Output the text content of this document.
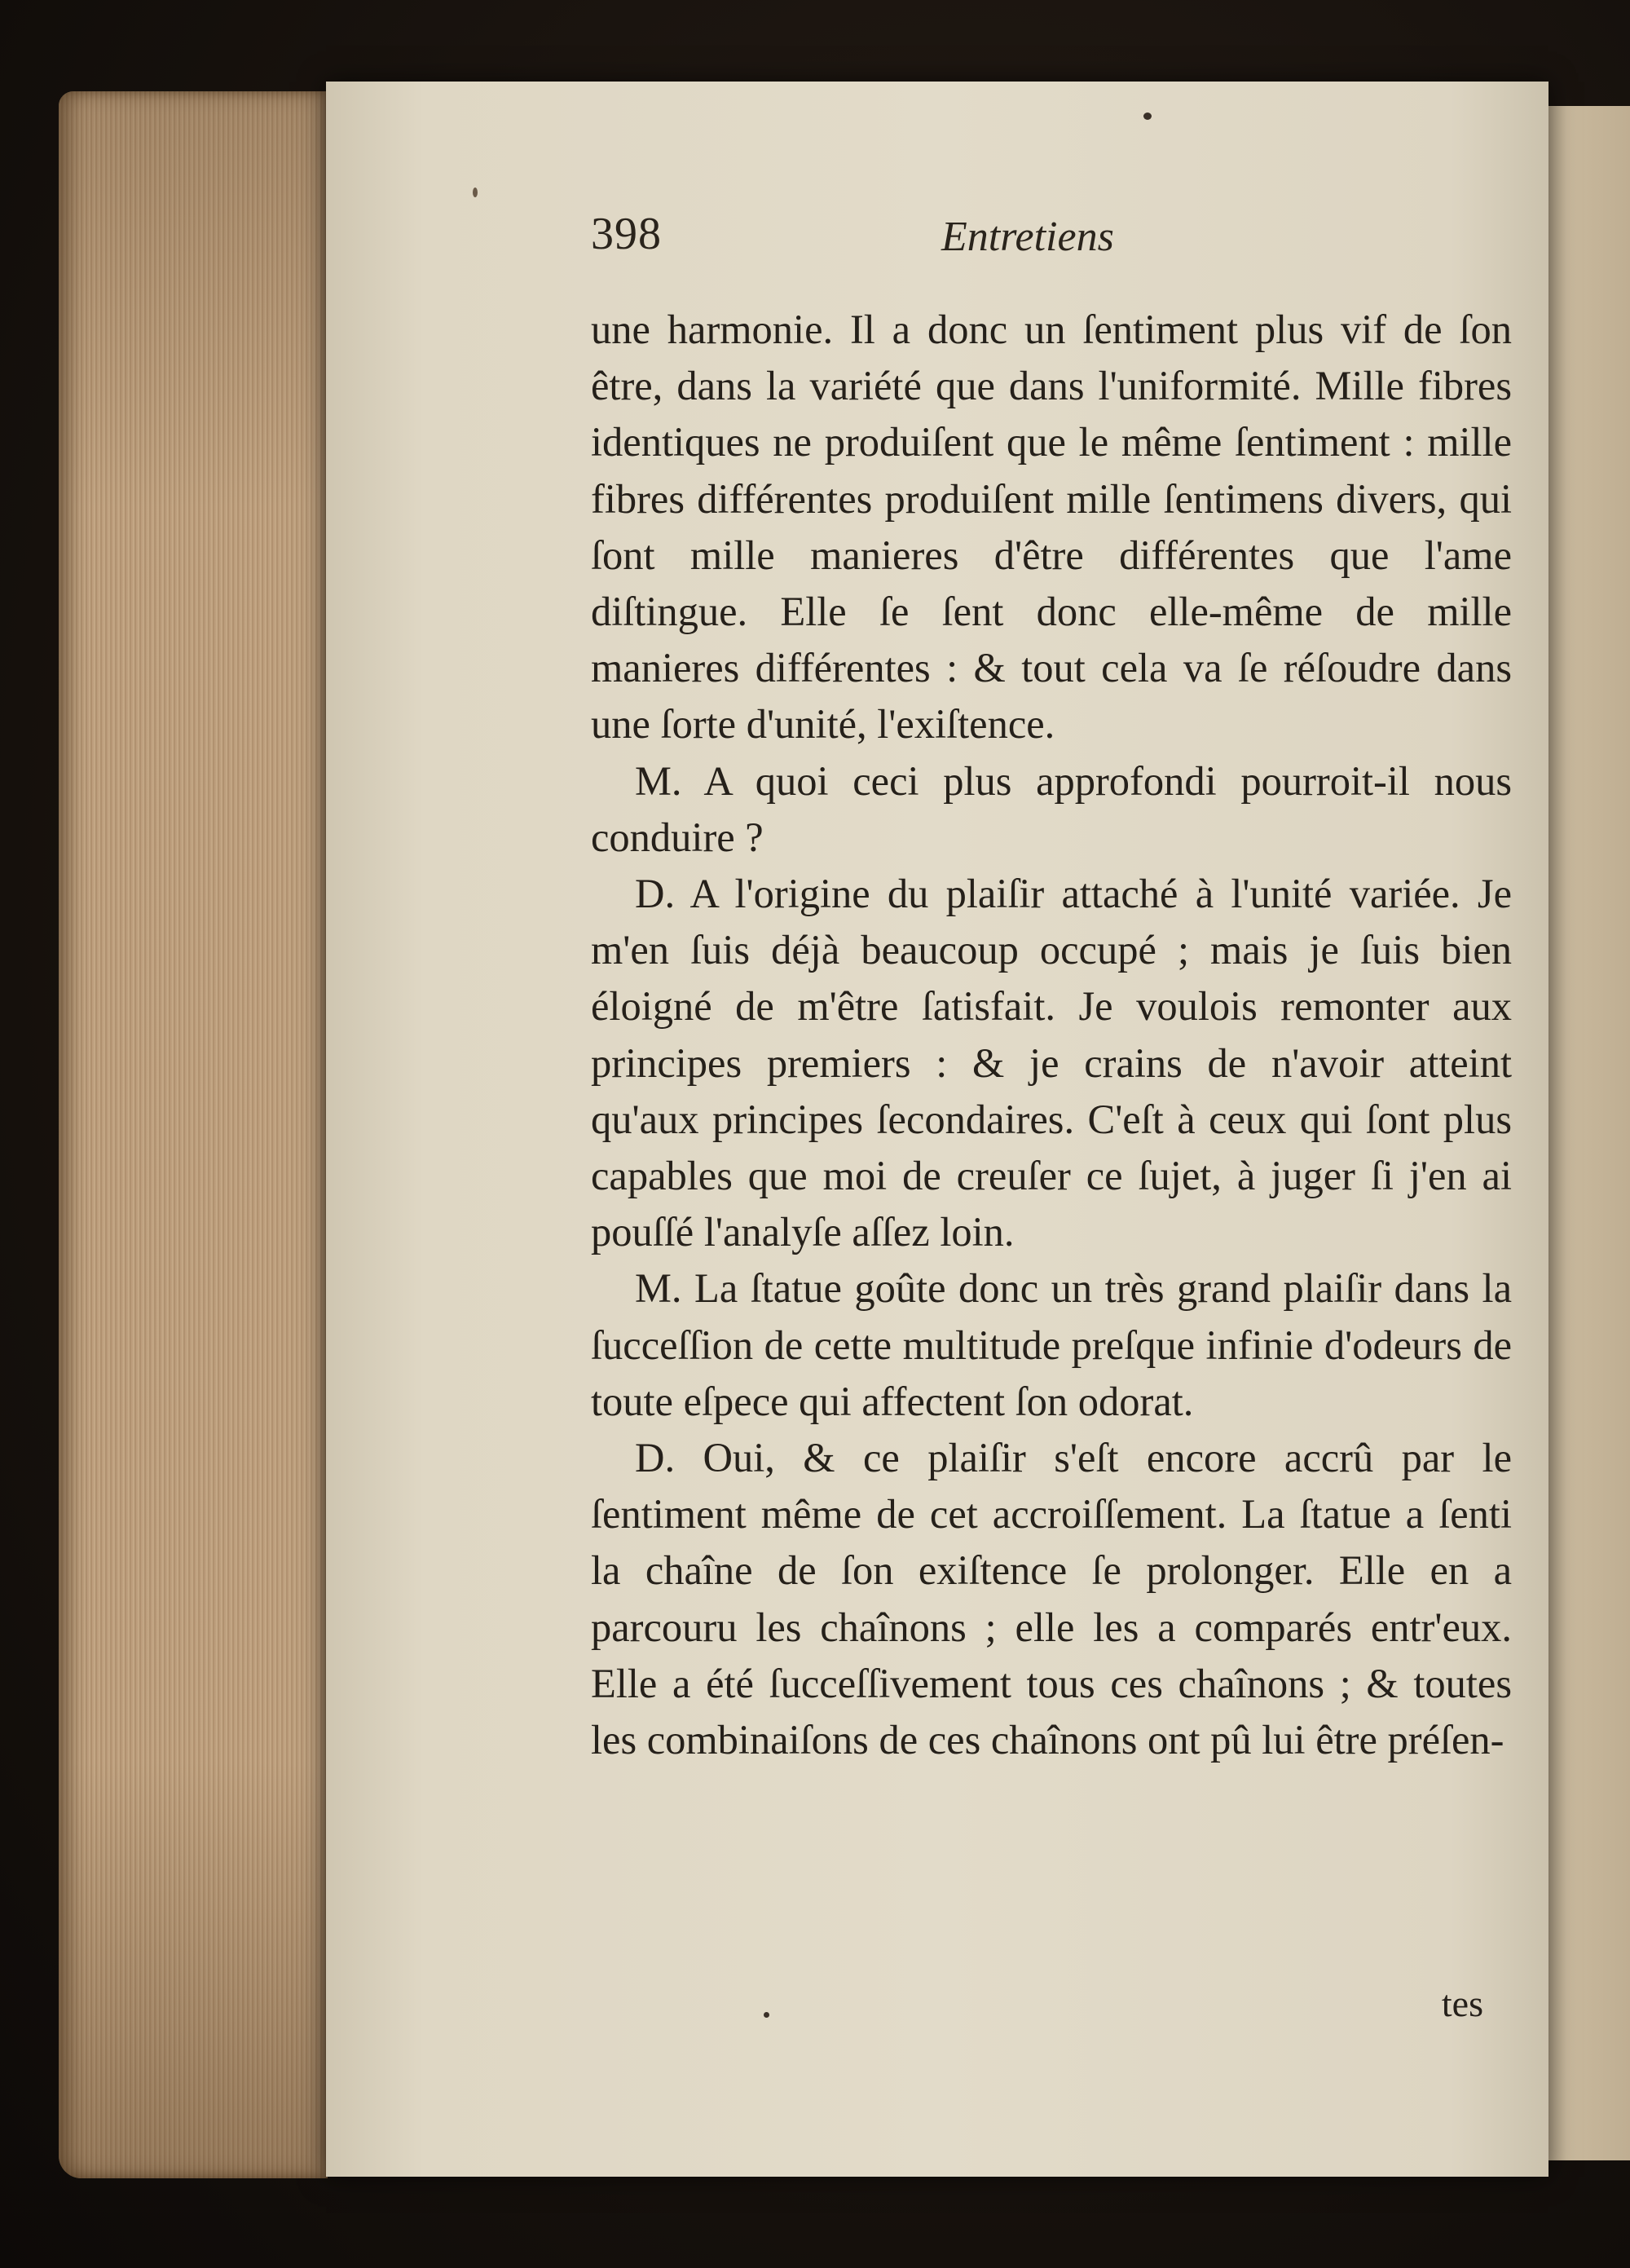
398	Entretiens

une harmonie. Il a donc un ſentiment plus vif de ſon être, dans la variété que dans l'uniformité. Mille fibres identiques ne produiſent que le même ſentiment : mille fibres différentes produiſent mille ſentimens divers, qui ſont mille manieres d'être différentes que l'ame diſtingue. Elle ſe ſent donc elle-même de mille manieres différentes : & tout cela va ſe réſoudre dans une ſorte d'unité, l'exiſtence.

M. A quoi ceci plus approfondi pourroit-il nous conduire ?

D. A l'origine du plaiſir attaché à l'unité variée. Je m'en ſuis déjà beaucoup occupé ; mais je ſuis bien éloigné de m'être ſatisfait. Je voulois remonter aux principes premiers : & je crains de n'avoir atteint qu'aux principes ſecondaires. C'eſt à ceux qui ſont plus capables que moi de creuſer ce ſujet, à juger ſi j'en ai pouſſé l'analyſe aſſez loin.

M. La ſtatue goûte donc un très grand plaiſir dans la ſucceſſion de cette multitude preſque infinie d'odeurs de toute eſpece qui affectent ſon odorat.

D. Oui, & ce plaiſir s'eſt encore accrû par le ſentiment même de cet accroiſſement. La ſtatue a ſenti la chaîne de ſon exiſtence ſe prolonger. Elle en a parcouru les chaînons ; elle les a comparés entr'eux. Elle a été ſucceſſivement tous ces chaînons ; & toutes les combinaiſons de ces chaînons ont pû lui être préſen-

tes
